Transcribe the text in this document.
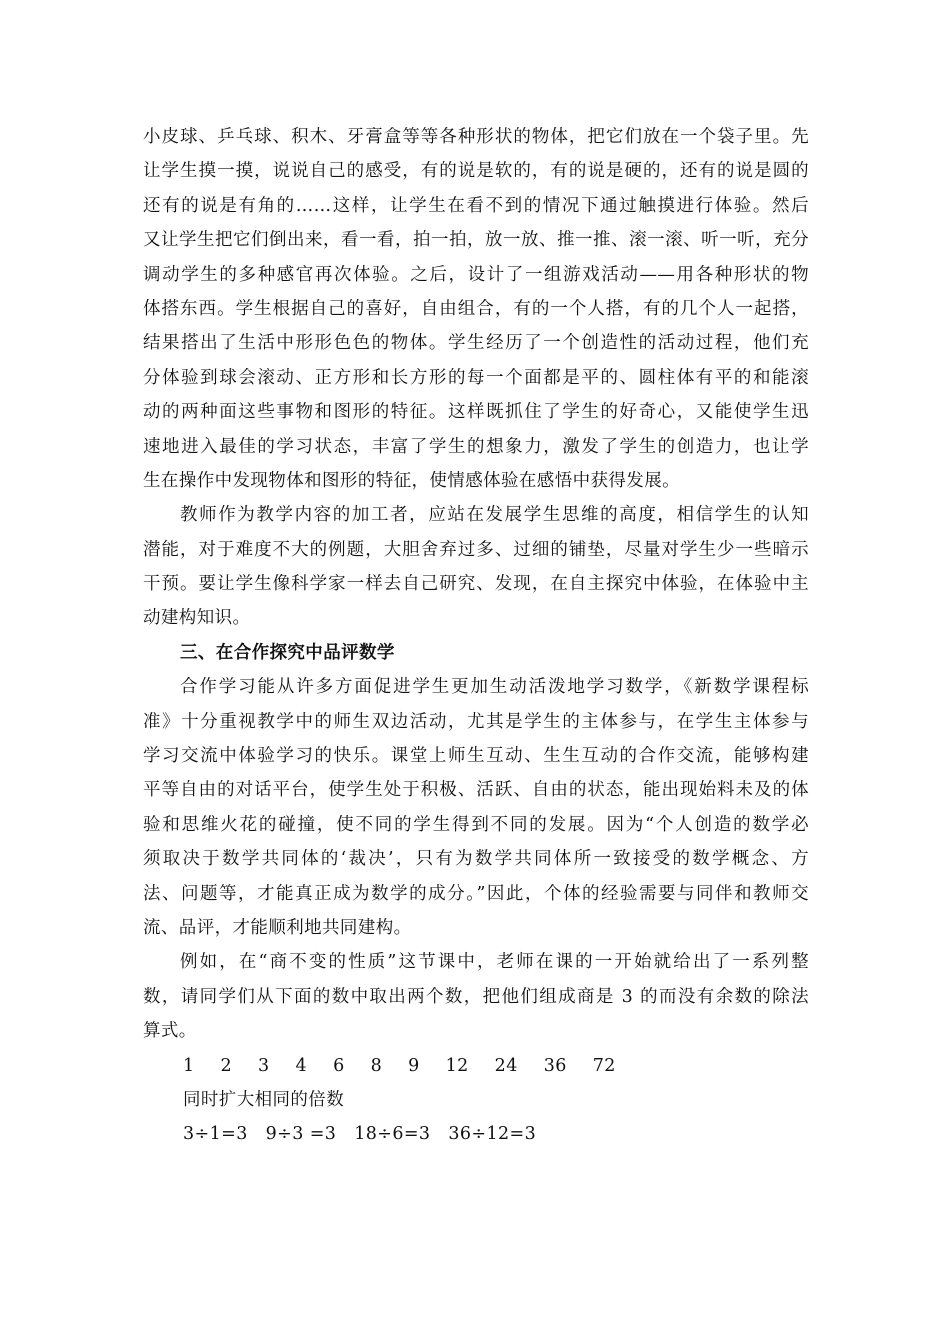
小皮球、乒乓球、积木、牙膏盒等等各种形状的物体，把它们放在一个袋子里。先
让学生摸一摸，说说自己的感受，有的说是软的，有的说是硬的，还有的说是圆的
还有的说是有角的……这样，让学生在看不到的情况下通过触摸进行体验。然后
又让学生把它们倒出来，看一看，拍一拍，放一放、推一推、滚一滚、听一听，充分
调动学生的多种感官再次体验。之后，设计了一组游戏活动——用各种形状的物
体搭东西。学生根据自己的喜好，自由组合，有的一个人搭，有的几个人一起搭，
结果搭出了生活中形形色色的物体。学生经历了一个创造性的活动过程，他们充
分体验到球会滚动、正方形和长方形的每一个面都是平的、圆柱体有平的和能滚
动的两种面这些事物和图形的特征。这样既抓住了学生的好奇心，又能使学生迅
速地进入最佳的学习状态，丰富了学生的想象力，激发了学生的创造力，也让学
生在操作中发现物体和图形的特征，使情感体验在感悟中获得发展。
教师作为教学内容的加工者，应站在发展学生思维的高度，相信学生的认知
潜能，对于难度不大的例题，大胆舍弃过多、过细的铺垫，尽量对学生少一些暗示
干预。要让学生像科学家一样去自己研究、发现，在自主探究中体验，在体验中主
动建构知识。
三、在合作探究中品评数学
合作学习能从许多方面促进学生更加生动活泼地学习数学，《新数学课程标
准》十分重视教学中的师生双边活动，尤其是学生的主体参与，在学生主体参与
学习交流中体验学习的快乐。课堂上师生互动、生生互动的合作交流，能够构建
平等自由的对话平台，使学生处于积极、活跃、自由的状态，能出现始料未及的体
验和思维火花的碰撞，使不同的学生得到不同的发展。因为“个人创造的数学必
须取决于数学共同体的‘裁决’，只有为数学共同体所一致接受的数学概念、方
法、问题等，才能真正成为数学的成分。”因此，个体的经验需要与同伴和教师交
流、品评，才能顺利地共同建构。
例如，在“商不变的性质”这节课中，老师在课的一开始就给出了一系列整
数，请同学们从下面的数中取出两个数，把他们组成商是 3 的而没有余数的除法
算式。
1 2 3 4 6 8 9 12 24 36 72
同时扩大相同的倍数
3÷1=3   9÷3 =3   18÷6=3   36÷12=3
